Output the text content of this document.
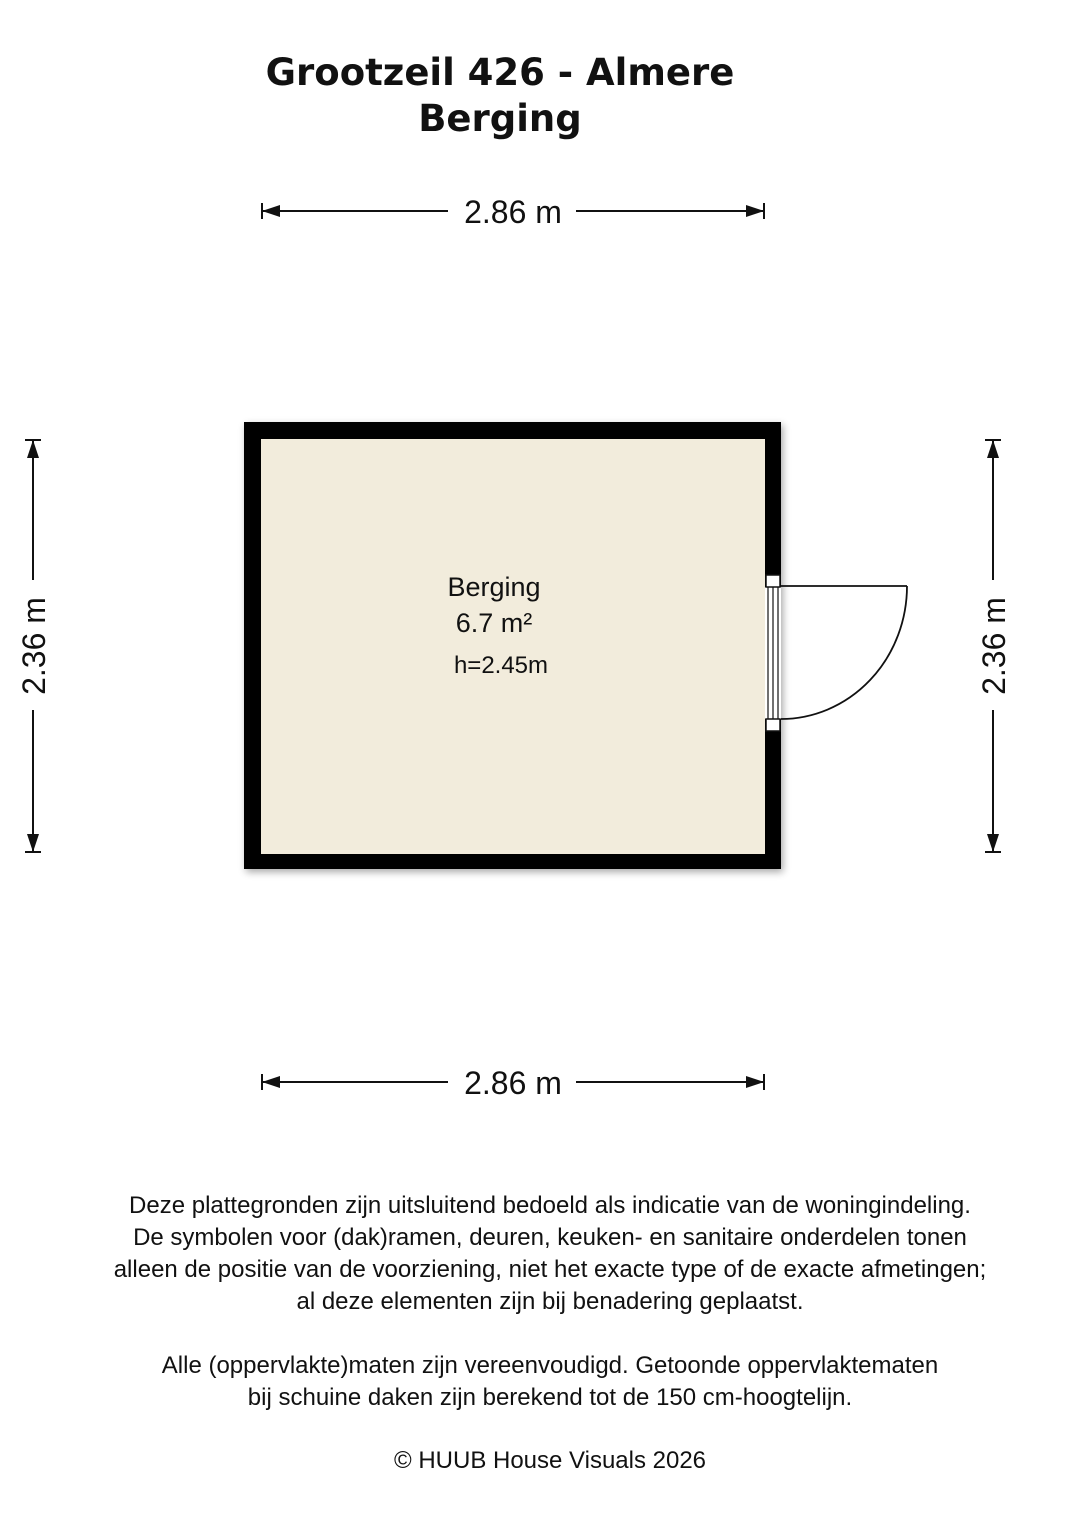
Grootzeil 426 - Almere
Berging
2.86 m
2.86 m
2.36 m	2.36 m
Berging
6.7 m²
h=2.45m
Deze plattegronden zijn uitsluitend bedoeld als indicatie van de woningindeling.
De symbolen voor (dak)ramen, deuren, keuken- en sanitaire onderdelen tonen
alleen de positie van de voorziening, niet het exacte type of de exacte afmetingen;
al deze elementen zijn bij benadering geplaatst.
Alle (oppervlakte)maten zijn vereenvoudigd. Getoonde oppervlaktematen
bij schuine daken zijn berekend tot de 150 cm-hoogtelijn.
© HUUB House Visuals 2026
